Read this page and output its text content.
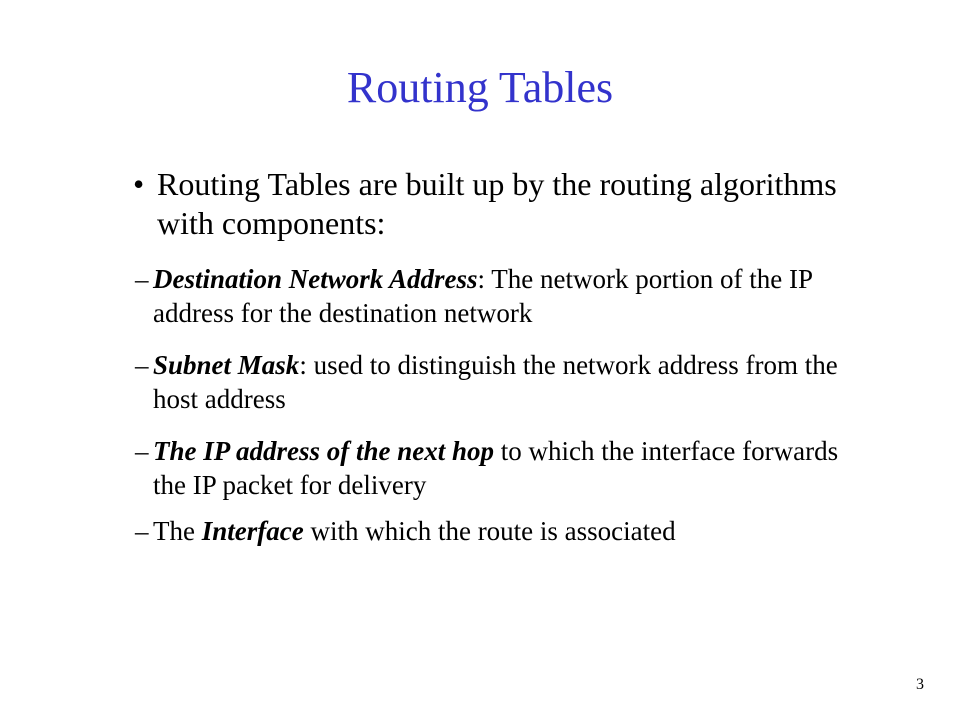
Routing Tables
• Routing Tables are built up by the routing algorithms with components:
– Destination Network Address: The network portion of the IP address for the destination network
– Subnet Mask: used to distinguish the network address from the host address
– The IP address of the next hop to which the interface forwards the IP packet for delivery
– The Interface with which the route is associated
3
